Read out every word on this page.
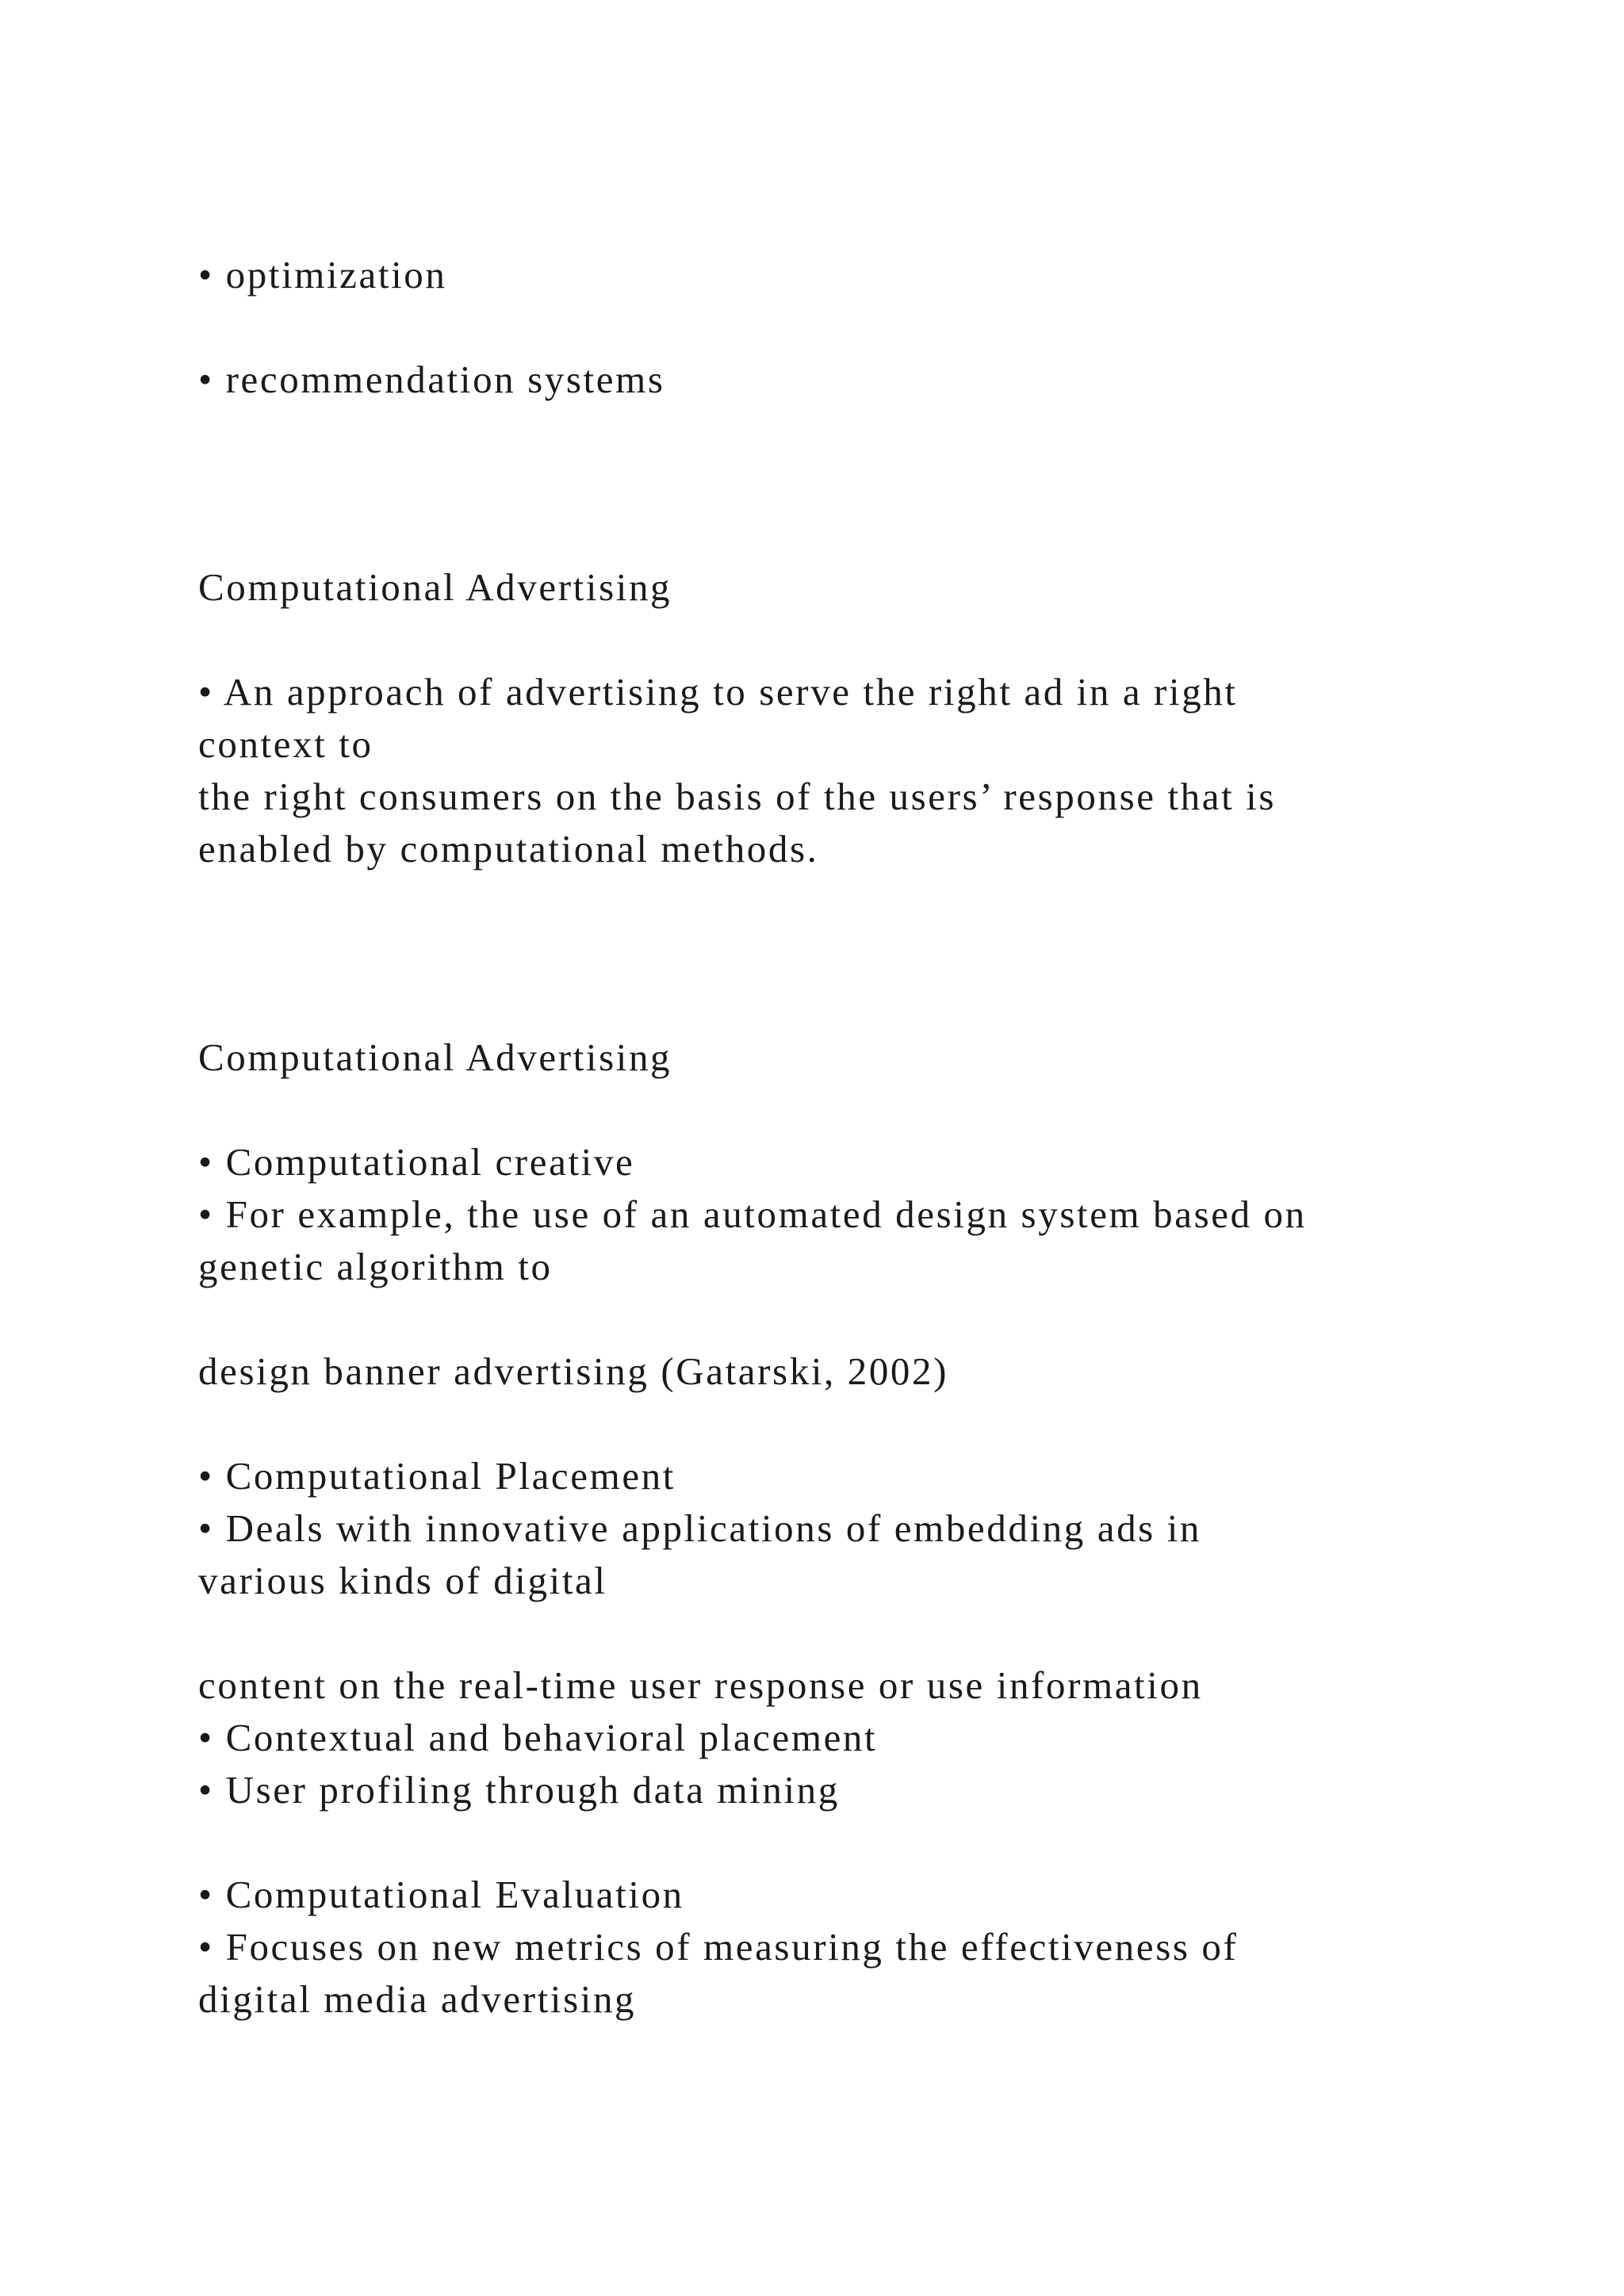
• optimization

• recommendation systems

Computational Advertising

• An approach of advertising to serve the right ad in a right

context to

the right consumers on the basis of the users’ response that is

enabled by computational methods.

Computational Advertising

• Computational creative

• For example, the use of an automated design system based on

genetic algorithm to

design banner advertising (Gatarski, 2002)

• Computational Placement

• Deals with innovative applications of embedding ads in

various kinds of digital

content on the real-time user response or use information

• Contextual and behavioral placement

• User profiling through data mining

• Computational Evaluation

• Focuses on new metrics of measuring the effectiveness of

digital media advertising
